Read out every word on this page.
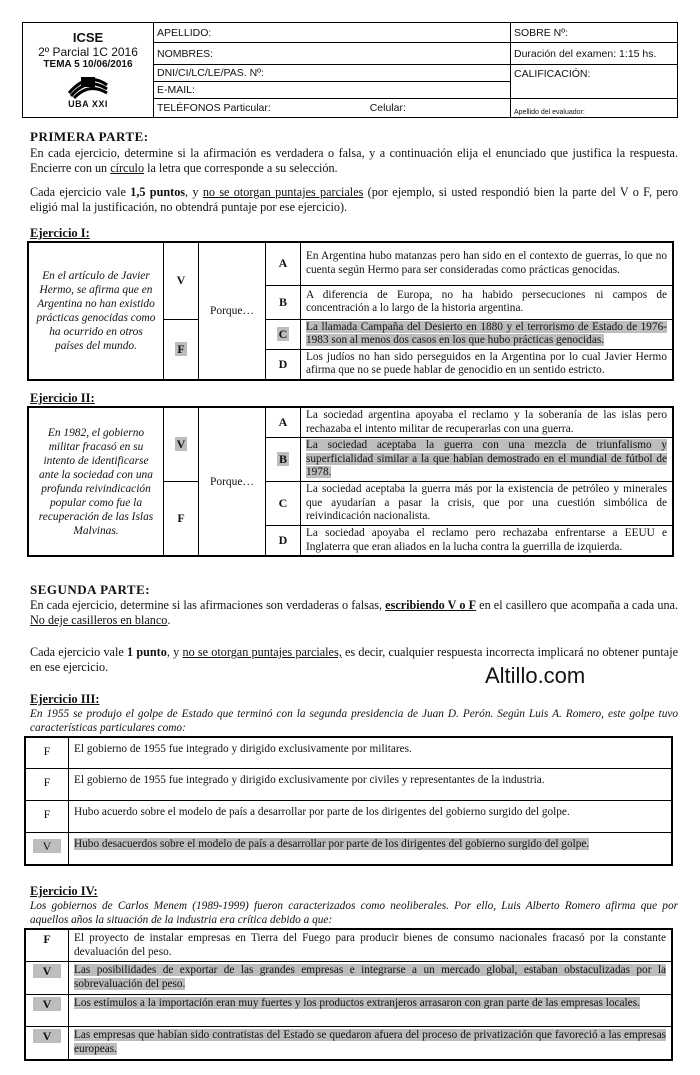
ICSE
2º Parcial 1C 2016
TEMA 5 10/06/2016
UBA XXI	APELLIDO:	SOBRE Nº:
	NOMBRES:	Duración del examen: 1:15 hs.
	DNI/CI/LC/LE/PAS. Nº:	CALIFICACIÓN:
	E-MAIL:	
	TELÉFONOS Particular: Celular:	Apellido del evaluador:
PRIMERA PARTE:
En cada ejercicio, determine si la afirmación es verdadera o falsa, y a continuación elija el enunciado que justifica la respuesta. Encierre con un círculo la letra que corresponde a su selección.
Cada ejercicio vale 1,5 puntos, y no se otorgan puntajes parciales (por ejemplo, si usted respondió bien la parte del V o F, pero eligió mal la justificación, no obtendrá puntaje por ese ejercicio).
Ejercicio I:
En el artículo de Javier Hermo, se afirma que en Argentina no han existido prácticas genocidas como ha ocurrido en otros países del mundo.	V	Porque…	A	En Argentina hubo matanzas pero han sido en el contexto de guerras, lo que no cuenta según Hermo para ser consideradas como prácticas genocidas.
			B	A diferencia de Europa, no ha habido persecuciones ni campos de concentración a lo largo de la historia argentina.
	F		C	La llamada Campaña del Desierto en 1880 y el terrorismo de Estado de 1976-1983 son al menos dos casos en los que hubo prácticas genocidas.
			D	Los judíos no han sido perseguidos en la Argentina por lo cual Javier Hermo afirma que no se puede hablar de genocidio en un sentido estricto.
Ejercicio II:
En 1982, el gobierno militar fracasó en su intento de identificarse ante la sociedad con una profunda reivindicación popular como fue la recuperación de las Islas Malvinas.	V	Porque…	A	La sociedad argentina apoyaba el reclamo y la soberanía de las islas pero rechazaba el intento militar de recuperarlas con una guerra.
			B	La sociedad aceptaba la guerra con una mezcla de triunfalismo y superficialidad similar a la que habían demostrado en el mundial de fútbol de 1978.
	F		C	La sociedad aceptaba la guerra más por la existencia de petróleo y minerales que ayudarían a pasar la crisis, que por una cuestión simbólica de reivindicación nacionalista.
			D	La sociedad apoyaba el reclamo pero rechazaba enfrentarse a EEUU e Inglaterra que eran aliados en la lucha contra la guerrilla de izquierda.
SEGUNDA PARTE:
En cada ejercicio, determine si las afirmaciones son verdaderas o falsas, escribiendo V o F en el casillero que acompaña a cada una. No deje casilleros en blanco.
Cada ejercicio vale 1 punto, y no se otorgan puntajes parciales, es decir, cualquier respuesta incorrecta implicará no obtener puntaje en ese ejercicio.	Altillo.com
Ejercicio III:
En 1955 se produjo el golpe de Estado que terminó con la segunda presidencia de Juan D. Perón. Según Luis A. Romero, este golpe tuvo características particulares como:
F	El gobierno de 1955 fue integrado y dirigido exclusivamente por militares.
F	El gobierno de 1955 fue integrado y dirigido exclusivamente por civiles y representantes de la industria.
F	Hubo acuerdo sobre el modelo de país a desarrollar por parte de los dirigentes del gobierno surgido del golpe.
V	Hubo desacuerdos sobre el modelo de país a desarrollar por parte de los dirigentes del gobierno surgido del golpe.
Ejercicio IV:
Los gobiernos de Carlos Menem (1989-1999) fueron caracterizados como neoliberales. Por ello, Luis Alberto Romero afirma que por aquellos años la situación de la industria era crítica debido a que:
F	El proyecto de instalar empresas en Tierra del Fuego para producir bienes de consumo nacionales fracasó por la constante devaluación del peso.
V	Las posibilidades de exportar de las grandes empresas e integrarse a un mercado global, estaban obstaculizadas por la sobrevaluación del peso.
V	Los estímulos a la importación eran muy fuertes y los productos extranjeros arrasaron con gran parte de las empresas locales.
V	Las empresas que habían sido contratistas del Estado se quedaron afuera del proceso de privatización que favoreció a las empresas europeas.
